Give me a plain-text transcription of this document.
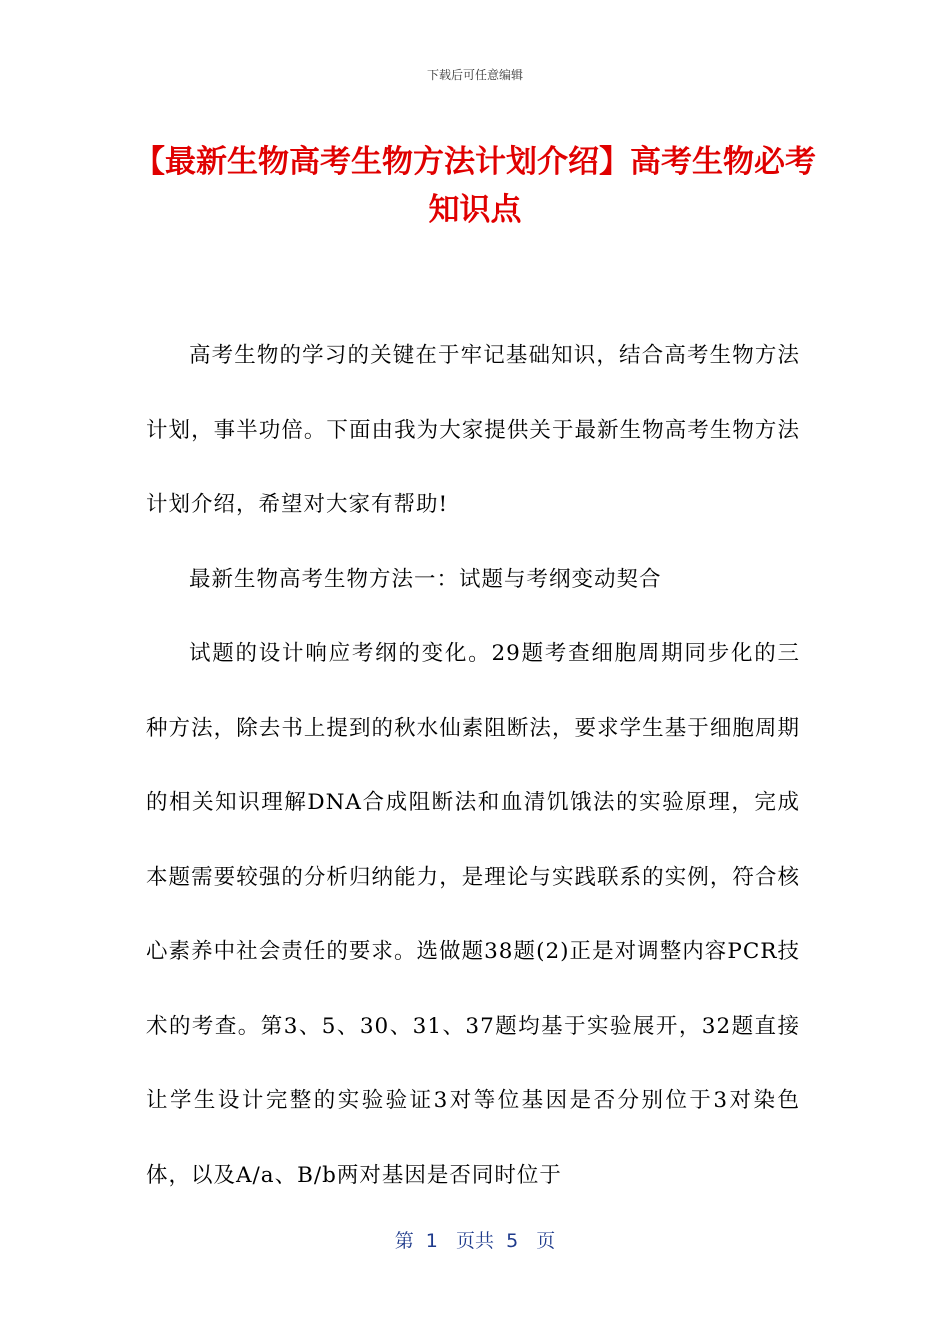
下载后可任意编辑
【最新生物高考生物方法计划介绍】高考生物必考知识点

高考生物的学习的关键在于牢记基础知识，结合高考生物方法计划，事半功倍。下面由我为大家提供关于最新生物高考生物方法计划介绍，希望对大家有帮助!

最新生物高考生物方法一：试题与考纲变动契合

试题的设计响应考纲的变化。29题考查细胞周期同步化的三种方法，除去书上提到的秋水仙素阻断法，要求学生基于细胞周期的相关知识理解DNA合成阻断法和血清饥饿法的实验原理，完成本题需要较强的分析归纳能力，是理论与实践联系的实例，符合核心素养中社会责任的要求。选做题38题(2)正是对调整内容PCR技术的考查。第3、5、30、31、37题均基于实验展开，32题直接让学生设计完整的实验验证3对等位基因是否分别位于3对染色体，以及A/a、B/b两对基因是否同时位于

第  1   页共  5   页
